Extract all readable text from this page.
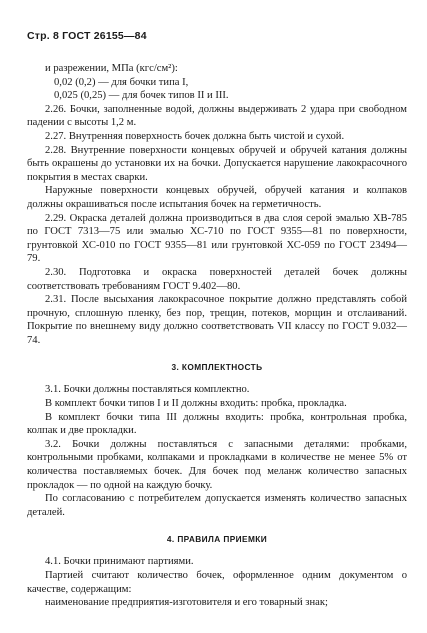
Стр. 8 ГОСТ 26155—84

и разрежении, МПа (кгс/см²):

0,02 (0,2) — для бочки типа I,

0,025 (0,25) — для бочек типов II и III.

2.26. Бочки, заполненные водой, должны выдерживать 2 удара при свободном падении с высоты 1,2 м.

2.27. Внутренняя поверхность бочек должна быть чистой и сухой.

2.28. Внутренние поверхности концевых обручей и обручей катания должны быть окрашены до установки их на бочки. Допускается нарушение лакокрасочного покрытия в местах сварки.

Наружные поверхности концевых обручей, обручей катания и колпаков должны окрашиваться после испытания бочек на герметичность.

2.29. Окраска деталей должна производиться в два слоя серой эмалью ХВ-785 по ГОСТ 7313—75 или эмалью ХС-710 по ГОСТ 9355—81 по поверхности, грунтовкой ХС-010 по ГОСТ 9355—81 или грунтовкой ХС-059 по ГОСТ 23494—79.

2.30. Подготовка и окраска поверхностей деталей бочек должны соответствовать требованиям ГОСТ 9.402—80.

2.31. После высыхания лакокрасочное покрытие должно представлять собой прочную, сплошную пленку, без пор, трещин, потеков, морщин и отслаиваний. Покрытие по внешнему виду должно соответствовать VII классу по ГОСТ 9.032—74.

3. КОМПЛЕКТНОСТЬ

3.1. Бочки должны поставляться комплектно.

В комплект бочки типов I и II должны входить: пробка, прокладка.

В комплект бочки типа III должны входить: пробка, контрольная пробка, колпак и две прокладки.

3.2. Бочки должны поставляться с запасными деталями: пробками, контрольными пробками, колпаками и прокладками в количестве не менее 5% от количества поставляемых бочек. Для бочек под меланж количество запасных прокладок — по одной на каждую бочку.

По согласованию с потребителем допускается изменять количество запасных деталей.

4. ПРАВИЛА ПРИЕМКИ

4.1. Бочки принимают партиями.

Партией считают количество бочек, оформленное одним документом о качестве, содержащим:

наименование предприятия-изготовителя и его товарный знак;
